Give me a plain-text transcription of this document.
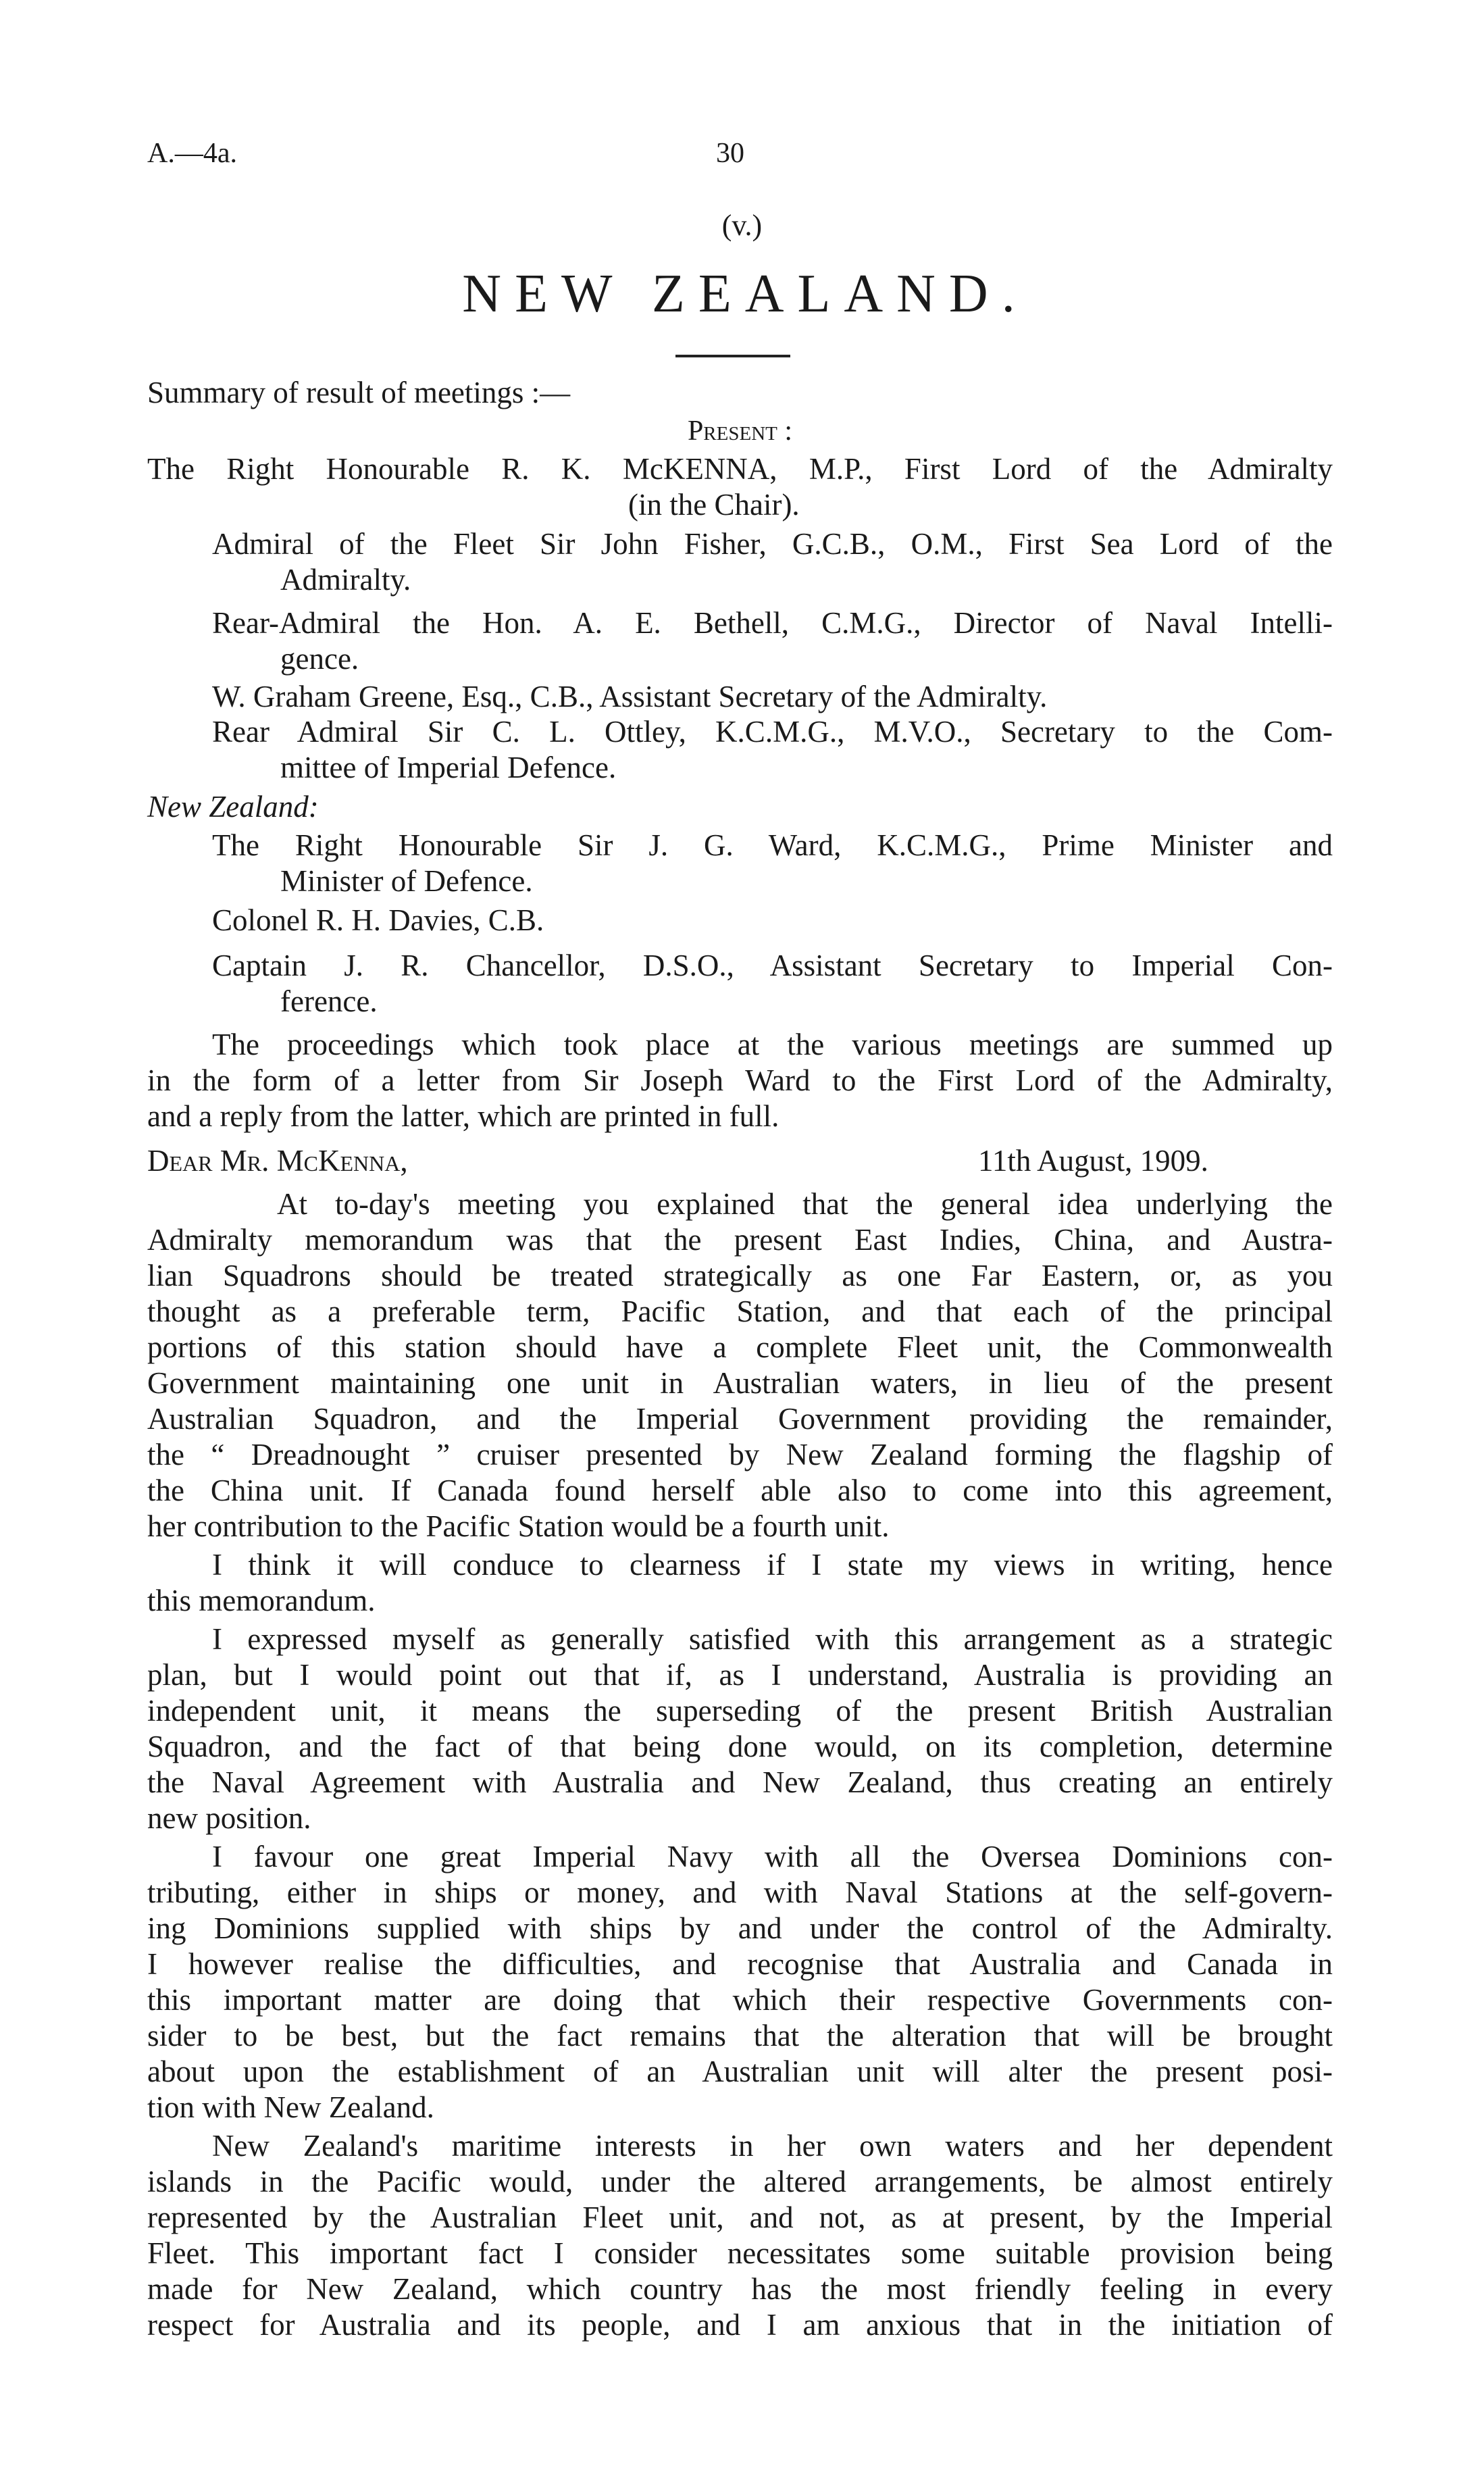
A.—4a.	30
(v.)
NEW ZEALAND.
Summary of result of meetings :—
Present :
The Right Honourable R. K. McKENNA, M.P., First Lord of the Admiralty
(in the Chair).
Admiral of the Fleet Sir John Fisher, G.C.B., O.M., First Sea Lord of the
Admiralty.
Rear-Admiral the Hon. A. E. Bethell, C.M.G., Director of Naval Intelli-
gence.
W. Graham Greene, Esq., C.B., Assistant Secretary of the Admiralty.
Rear Admiral Sir C. L. Ottley, K.C.M.G., M.V.O., Secretary to the Com-
mittee of Imperial Defence.
New Zealand:
The Right Honourable Sir J. G. Ward, K.C.M.G., Prime Minister and
Minister of Defence.
Colonel R. H. Davies, C.B.
Captain J. R. Chancellor, D.S.O., Assistant Secretary to Imperial Con-
ference.
The proceedings which took place at the various meetings are summed up
in the form of a letter from Sir Joseph Ward to the First Lord of the Admiralty,
and a reply from the latter, which are printed in full.
Dear Mr. McKenna,	11th August, 1909.
At to-day's meeting you explained that the general idea underlying the
Admiralty memorandum was that the present East Indies, China, and Austra-
lian Squadrons should be treated strategically as one Far Eastern, or, as you
thought as a preferable term, Pacific Station, and that each of the principal
portions of this station should have a complete Fleet unit, the Commonwealth
Government maintaining one unit in Australian waters, in lieu of the present
Australian Squadron, and the Imperial Government providing the remainder,
the “ Dreadnought ” cruiser presented by New Zealand forming the flagship of
the China unit. If Canada found herself able also to come into this agreement,
her contribution to the Pacific Station would be a fourth unit.
I think it will conduce to clearness if I state my views in writing, hence
this memorandum.
I expressed myself as generally satisfied with this arrangement as a strategic
plan, but I would point out that if, as I understand, Australia is providing an
independent unit, it means the superseding of the present British Australian
Squadron, and the fact of that being done would, on its completion, determine
the Naval Agreement with Australia and New Zealand, thus creating an entirely
new position.
I favour one great Imperial Navy with all the Oversea Dominions con-
tributing, either in ships or money, and with Naval Stations at the self-govern-
ing Dominions supplied with ships by and under the control of the Admiralty.
I however realise the difficulties, and recognise that Australia and Canada in
this important matter are doing that which their respective Governments con-
sider to be best, but the fact remains that the alteration that will be brought
about upon the establishment of an Australian unit will alter the present posi-
tion with New Zealand.
New Zealand's maritime interests in her own waters and her dependent
islands in the Pacific would, under the altered arrangements, be almost entirely
represented by the Australian Fleet unit, and not, as at present, by the Imperial
Fleet. This important fact I consider necessitates some suitable provision being
made for New Zealand, which country has the most friendly feeling in every
respect for Australia and its people, and I am anxious that in the initiation of
